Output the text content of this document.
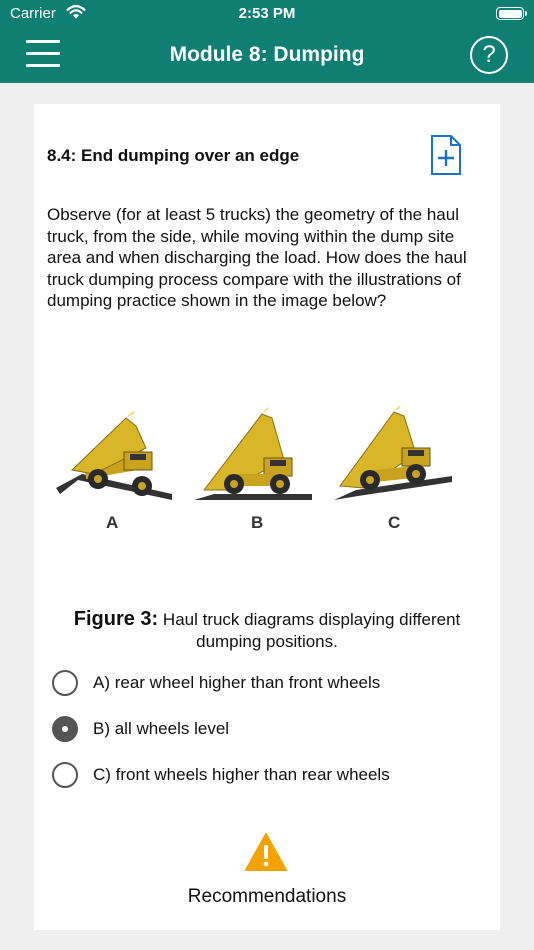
Carrier	2:53 PM
Module 8: Dumping	?
8.4: End dumping over an edge
Observe (for at least 5 trucks) the geometry of the haul truck, from the side, while moving within the dump site area and when discharging the load. How does the haul truck dumping process compare with the illustrations of dumping practice shown in the image below?
A	B	C
Figure 3: Haul truck diagrams displaying different
dumping positions.
A) rear wheel higher than front wheels
B) all wheels level
C) front wheels higher than rear wheels
Recommendations
